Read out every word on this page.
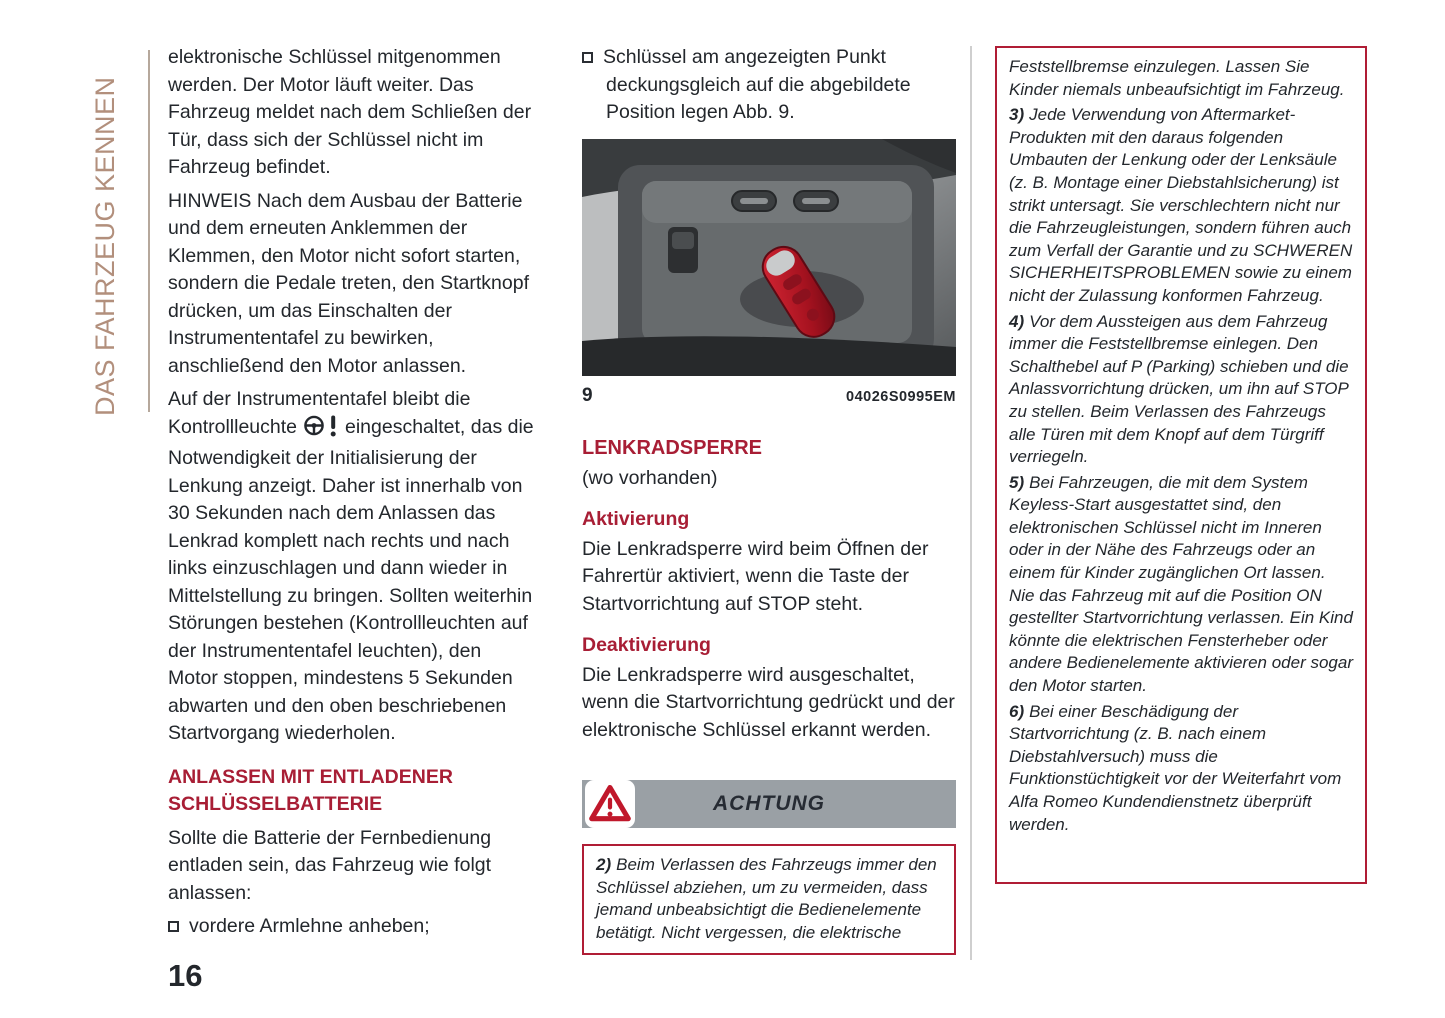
DAS FAHRZEUG KENNEN

elektronische Schlüssel mitgenommen werden. Der Motor läuft weiter. Das Fahrzeug meldet nach dem Schließen der Tür, dass sich der Schlüssel nicht im Fahrzeug befindet.

HINWEIS Nach dem Ausbau der Batterie und dem erneuten Anklemmen der Klemmen, den Motor nicht sofort starten, sondern die Pedale treten, den Startknopf drücken, um das Einschalten der Instrumententafel zu bewirken, anschließend den Motor anlassen.

Auf der Instrumententafel bleibt die Kontrollleuchte eingeschaltet, das die Notwendigkeit der Initialisierung der Lenkung anzeigt. Daher ist innerhalb von 30 Sekunden nach dem Anlassen das Lenkrad komplett nach rechts und nach links einzuschlagen und dann wieder in Mittelstellung zu bringen. Sollten weiterhin Störungen bestehen (Kontrollleuchten auf der Instrumententafel leuchten), den Motor stoppen, mindestens 5 Sekunden abwarten und den oben beschriebenen Startvorgang wiederholen.

ANLASSEN MIT ENTLADENER SCHLÜSSELBATTERIE

Sollte die Batterie der Fernbedienung entladen sein, das Fahrzeug wie folgt anlassen:

vordere Armlehne anheben;

Schlüssel am angezeigten Punkt deckungsgleich auf die abgebildete Position legen Abb. 9.

9	04026S0995EM

LENKRADSPERRE

(wo vorhanden)

Aktivierung

Die Lenkradsperre wird beim Öffnen der Fahrertür aktiviert, wenn die Taste der Startvorrichtung auf STOP steht.

Deaktivierung

Die Lenkradsperre wird ausgeschaltet, wenn die Startvorrichtung gedrückt und der elektronische Schlüssel erkannt werden.

ACHTUNG

2) Beim Verlassen des Fahrzeugs immer den Schlüssel abziehen, um zu vermeiden, dass jemand unbeabsichtigt die Bedienelemente betätigt. Nicht vergessen, die elektrische

Feststellbremse einzulegen. Lassen Sie Kinder niemals unbeaufsichtigt im Fahrzeug.

3) Jede Verwendung von Aftermarket-Produkten mit den daraus folgenden Umbauten der Lenkung oder der Lenksäule (z. B. Montage einer Diebstahlsicherung) ist strikt untersagt. Sie verschlechtern nicht nur die Fahrzeugleistungen, sondern führen auch zum Verfall der Garantie und zu SCHWEREN SICHERHEITSPROBLEMEN sowie zu einem nicht der Zulassung konformen Fahrzeug.

4) Vor dem Aussteigen aus dem Fahrzeug immer die Feststellbremse einlegen. Den Schalthebel auf P (Parking) schieben und die Anlassvorrichtung drücken, um ihn auf STOP zu stellen. Beim Verlassen des Fahrzeugs alle Türen mit dem Knopf auf dem Türgriff verriegeln.

5) Bei Fahrzeugen, die mit dem System Keyless-Start ausgestattet sind, den elektronischen Schlüssel nicht im Inneren oder in der Nähe des Fahrzeugs oder an einem für Kinder zugänglichen Ort lassen. Nie das Fahrzeug mit auf die Position ON gestellter Startvorrichtung verlassen. Ein Kind könnte die elektrischen Fensterheber oder andere Bedienelemente aktivieren oder sogar den Motor starten.

6) Bei einer Beschädigung der Startvorrichtung (z. B. nach einem Diebstahlversuch) muss die Funktionstüchtigkeit vor der Weiterfahrt vom Alfa Romeo Kundendienstnetz überprüft werden.

16
